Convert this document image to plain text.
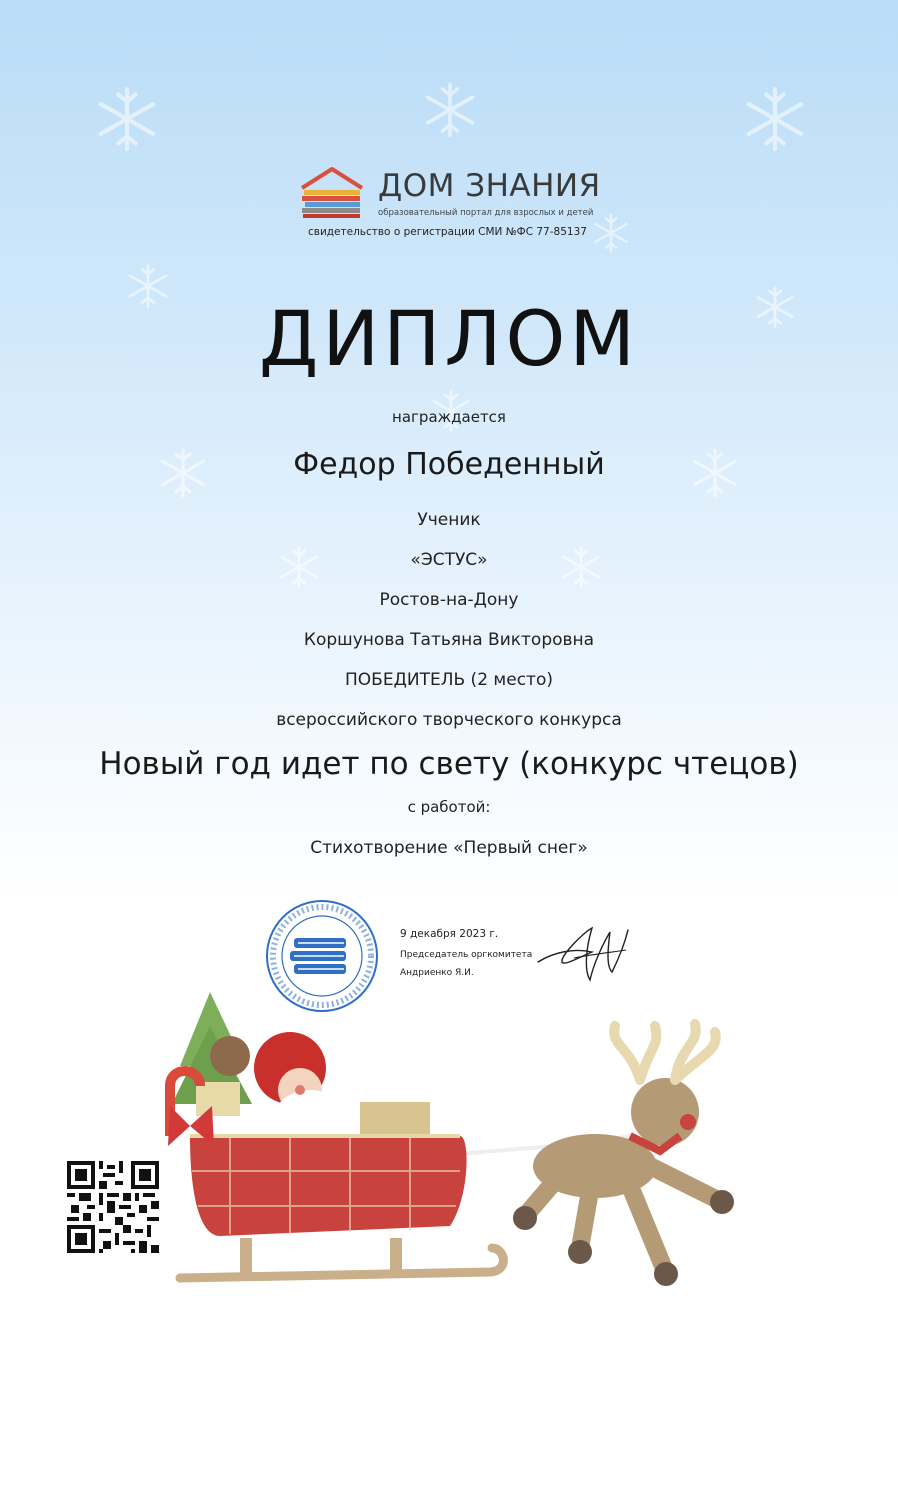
ДОМ ЗНАНИЯ
образовательный портал для взрослых и детей
свидетельство о регистрации СМИ №ФС 77-85137
ДИПЛОМ
награждается
Федор Победенный
Ученик
«ЭСТУС»
Ростов-на-Дону
Коршунова Татьяна Викторовна
ПОБЕДИТЕЛЬ (2 место)
всероссийского творческого конкурса
Новый год идет по свету (конкурс чтецов)
с работой:
Стихотворение «Первый снег»
9 декабря 2023 г.
Председатель оргкомитета
Андриенко Я.И.
